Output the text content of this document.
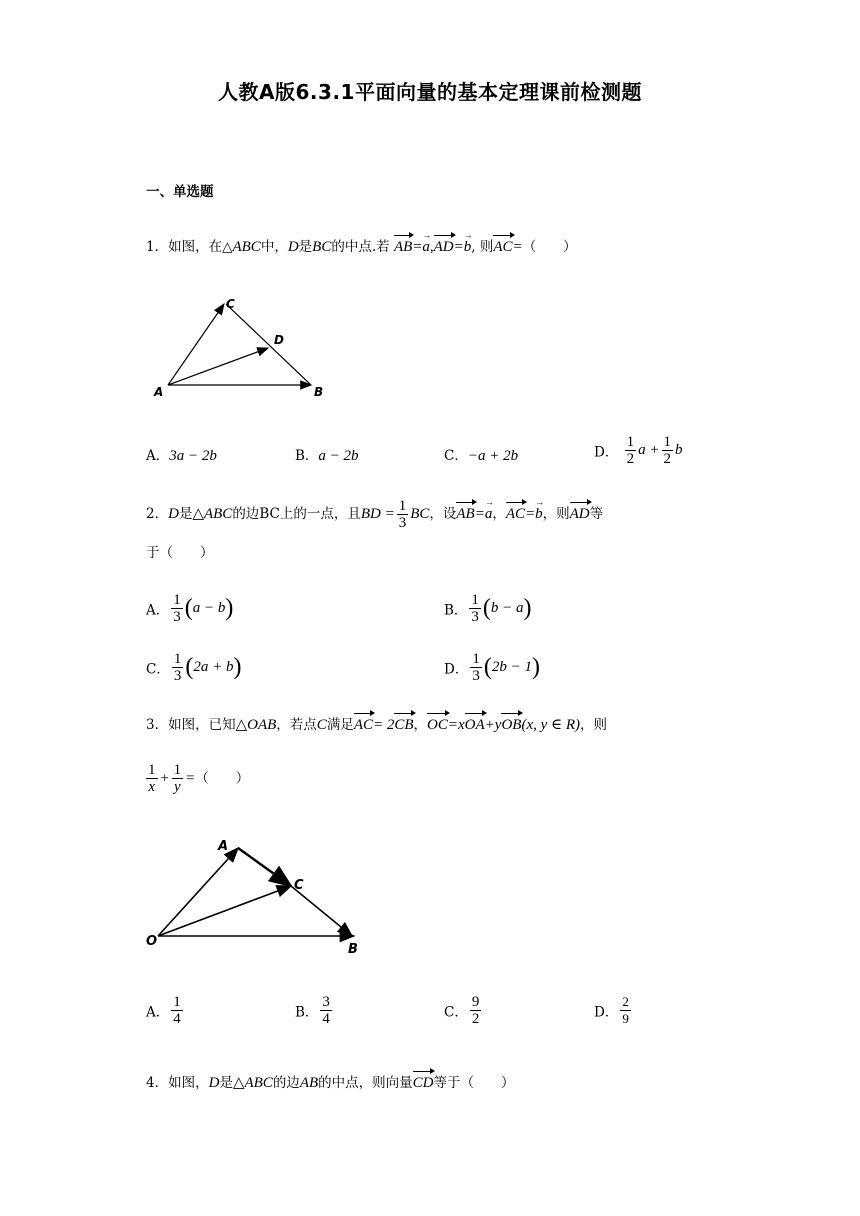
人教A版6.3.1平面向量的基本定理课前检测题
一、单选题
1．如图，在△ABC中，D是BC的中点.若 AB=→ a,AD=→ b, 则AC=（　　）
A	B
C
D
A．3a − 2b	B．a − 2b	C．−a + 2b	D． $\frac{1}{2}$ $a + \frac{1}{2}$ b
2．D是△ABC的边BC上的一点，且BD = $\frac{1}{3}$ BC，设AB=→ a，AC=→ b，则AD等
于（　　）
A． $\frac{1}{3} (a - b)$	B． $\frac{1}{3} (b - a)$
C． $\frac{1}{3} (2a + b)$	D． $\frac{1}{3} (2b - 1)$
3．如图，已知△OAB，若点C满足AC= 2CB，OC=xOA+yOB(x, y ∈ R)，则
$\frac{1}{x} + \frac{1}{y}$ =（　　）
O
A
B
C
A． $\frac{1}{4}$	B． $\frac{3}{4}$	C． $\frac{9}{2}$	D． $\frac{2}{9}$
4．如图，D是△ABC的边AB的中点，则向量CD等于（　　）
